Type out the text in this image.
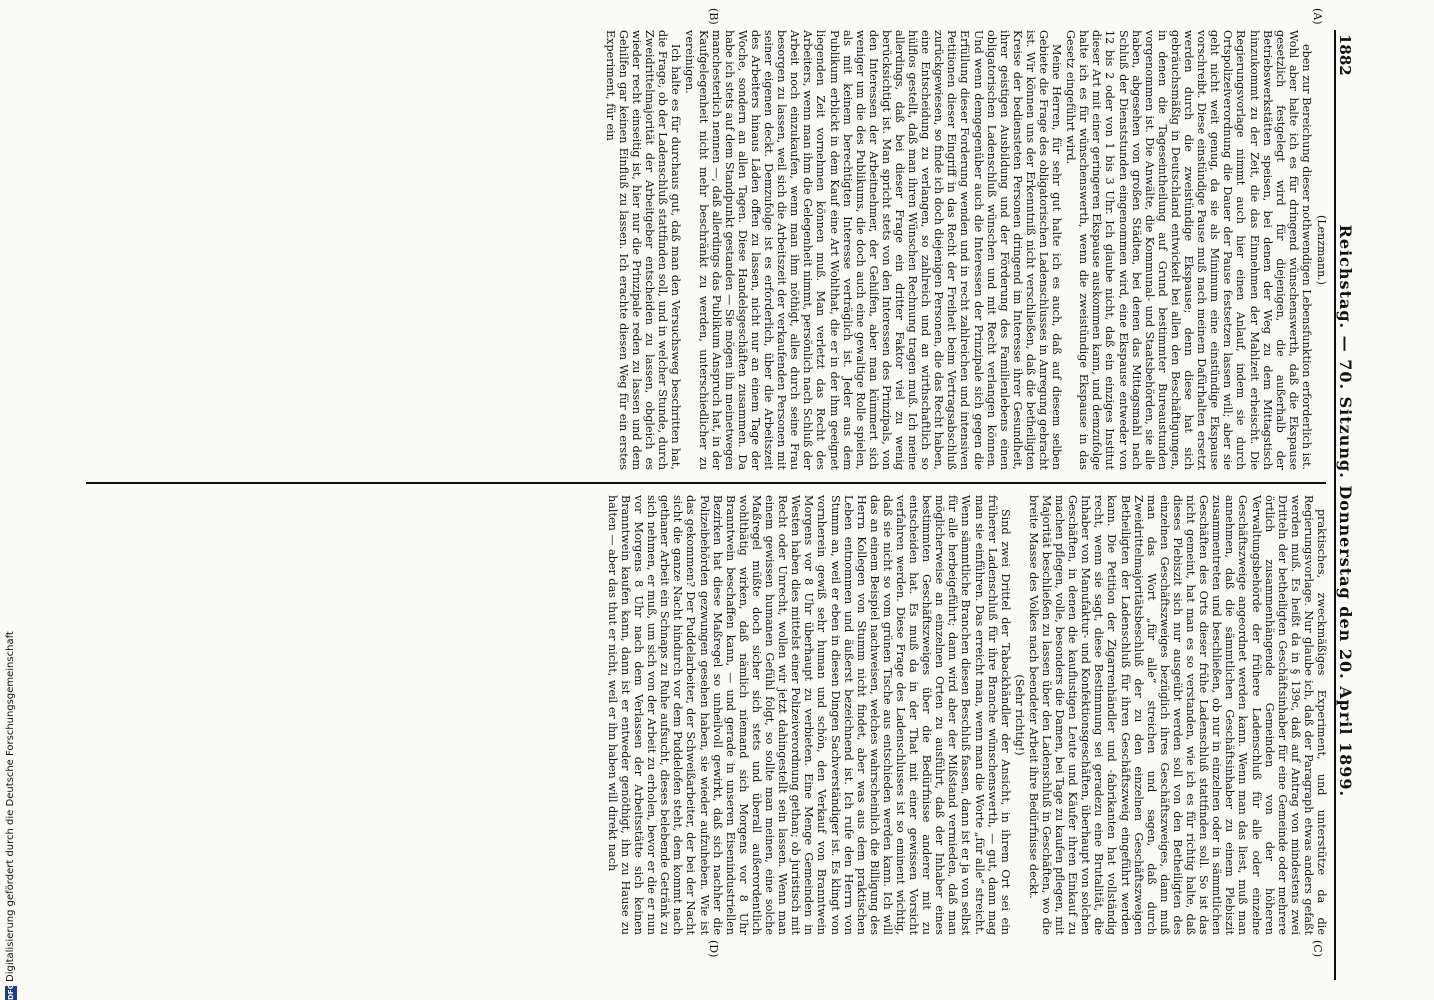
DFG
Digitalisierung gefördert durch die Deutsche Forschungsgemeinschaft
1882
Reichstag. — 70. Sitzung. Donnerstag den 20. April 1899.
(A)
(B)
(C)
(D)
(Lenzmann.)

eben zur Bereichung dieser nothwendigen Lebensfunktion erforderlich ist. Wohl aber halte ich es für dringend wünschenswerth, daß die Ekspause gesetzlich festgelegt wird für diejenigen, die außerhalb der Betriebswerkstätten speisen, bei denen der Weg zu dem Mittagstisch hinzukommt zu der Zeit, die das Einnehmen der Mahlzeit erheischt. Die Regierungsvorlage nimmt auch hier einen Anlauf, indem sie durch Ortspolizeiverordnung die Dauer der Pause festsetzen lassen will; aber sie geht nicht weit genug, da sie als Minimum eine einstündige Ekspause vorschreibt. Diese einstündige Pause muß nach meinem Dafürhalten ersetzt werden durch die zweistündige Ekspause; denn diese hat sich gebräuchsmäßig in Deutschland entwickelt bei allen den Beschäftigungen, in denen die Tageseintheilung auf Grund bestimmter Bureaustunden vorgenommen ist. Die Anwälte, die Kommunal- und Staatsbehörden, sie alle haben, abgesehen von großen Städten, bei denen das Mittagsmahl nach Schluß der Dienststunden eingenommen wird, eine Ekspause entweder von 12 bis 2 oder von 1 bis 3 Uhr. Ich glaube nicht, daß ein einziges Institut dieser Art mit einer geringeren Ekspause auskommen kann, und demzufolge halte ich es für wünschenswerth, wenn die zweistündige Ekspause in das Gesetz eingeführt wird.

Meine Herren, für sehr gut halte ich es auch, daß auf diesem selben Gebiete die Frage des obligatorischen Ladenschlusses in Anregung gebracht ist. Wir können uns der Erkenntniß nicht verschließen, daß die betheiligten Kreise der bediensteten Personen dringend im Interesse ihrer Gesundheit, ihrer geistigen Ausbildung und der Förderung des Familienlebens einen obligatorischen Ladenschluß wünschen und mit Recht verlangen können. Und wenn demgegenüber auch die Interessen der Prinzipale sich gegen die Erfüllung dieser Forderung wenden und in recht zahlreichen und intensiven Petitionen dieser Eingriff in das Recht der Freiheit beim Vertragsabschluß zurückgewiesen, so finde ich doch diejenigen Personen, die das Recht haben, eine Entscheidung zu verlangen, so zahlreich und an wirthschaftlich so hülflos gestellt, daß man ihren Wünschen Rechnung tragen muß. Ich meine allerdings, daß bei dieser Frage ein dritter Faktor viel zu wenig berücksichtigt ist. Man spricht stets von den Interessen des Prinzipals, von den Interessen der Arbeitnehmer, der Gehilfen, aber man kümmert sich weniger um die des Publikums, die doch auch eine gewaltige Rolle spielen, als mit keinem berechtigten Interesse verträglich ist. Jeder aus dem Publikum erblickt in dem Kauf eine Art Wohlthat, die er in der ihm geeignet liegenden Zeit vornehmen können muß. Man verletzt das Recht des Arbeiters, wenn man ihm die Gelegenheit nimmt, persönlich nach Schluß der Arbeit noch einzukaufen, wenn man ihm nöthigt, alles durch seine Frau besorgen zu lassen, weil sich die Arbeitszeit der verkaufenden Personen mit seiner eigenen deckt. Demzufolge ist es erforderlich, über die Arbeitszeit des Arbeiters hinaus Läden offen zu lassen, nicht nur an einem Tage der Woche, sondern an allen Tagen. Diese Handelsgeschäften zusammen. Da habe ich stets auf dem Standpunkt gestanden — Sie mögen ihn meinetwegen manchesterlich nennen —, daß allerdings das Publikum Anspruch hat, in der Kaufgelegenheit nicht mehr beschränkt zu werden, unterschiedlicher zu vereinigen.

Ich halte es für durchaus gut, daß man den Versuchsweg beschritten hat, die Frage, ob der Ladenschluß stattfinden soll, und in welcher Stunde, durch Zweidrittelmajorität der Arbeitgeber entscheiden zu lassen, obgleich es wieder recht einseitig ist, hier nur die Prinzipale reden zu lassen und dem Gehilfen gar keinen Einfluß zu lassen. Ich erachte diesen Weg für ein erstes Experiment, für ein

praktisches, zweckmäßiges Experiment, und unterstütze da die Regierungsvorlage. Nur glaube ich, daß der Paragraph etwas anders gefaßt werden muß. Es heißt da in § 139c, daß auf Antrag von mindestens zwei Dritteln der betheiligten Geschäftsinhaber für eine Gemeinde oder mehrere örtlich zusammenhängende Gemeinden von der höheren Verwaltungsbehörde der frühere Ladenschluß für alle oder einzelne Geschäftszweige angeordnet werden kann. Wenn man das liest, muß man annehmen, daß die sämmtlichen Geschäftsinhaber zu einem Plebiszit zusammentreten und beschließen, ob nur in einzelnen oder in sämmtlichen Geschäften des Orts dieser frühe Ladenschluß stattfinden soll. So ist das nicht gemeint, hat man es so verstanden, wie ich es für richtig halte, daß dieses Plebiszit sich nur ausgeübt werden soll von den Betheiligten des einzelnen Geschäftszweiges bezüglich ihres Geschäftszweiges, dann muß man das Wort „für alle“ streichen und sagen, daß durch Zweidrittelmajoritätsbeschluß der zu den einzelnen Geschäftszweigen Betheiligten der Ladenschluß für ihren Geschäftszweig eingeführt werden kann. Die Petition der Zigarrenhändler und -fabrikanten hat vollständig recht, wenn sie sagt, diese Bestimmung sei geradezu eine Brutalität, die Inhaber von Manufaktur- und Konfektionsgeschäften, überhaupt von solchen Geschäften, in denen die kauflustigen Leute und Käufer ihren Einkauf zu machen pflegen, volle, besonders die Damen, bei Tage zu kaufen pflegen, mit Majorität beschließen zu lassen über den Ladenschluß in Geschäften, wo die breite Masse des Volkes nach beendeter Arbeit ihre Bedürfnisse deckt.

(Sehr richtig!)

Sind zwei Drittel der Tabackhändler der Ansicht, in ihrem Ort sei ein früherer Ladenschluß für ihre Branche wünschenswerth, — gut, dann mag man sie einführen. Das erreicht man, wenn man die Worte „für alle“ streicht. Wenn sämmtliche Branchen diesen Beschluß fassen, dann ist er ja von selbst für alle herbeigeführt; dann wird aber der Mißstand vermieden, daß man möglicherweise an einzelnen Orten zu ausführt, daß der Inhaber eines bestimmten Geschäftszweiges über die Bedürfnisse anderer mit zu entscheiden hat. Es muß da in der That mit einer gewissen Vorsicht verfahren werden. Diese Frage des Ladenschlusses ist so eminent wichtig, daß sie nicht so vom grünen Tische aus entschieden werden kann. Ich will das an einem Beispiel nachweisen, welches wahrscheinlich die Billigung des Herrn Kollegen von Stumm nicht findet, aber was aus dem praktischen Leben entnommen und äußerst bezeichnend ist. Ich rufe den Herrn von Stumm an, weil er eben in diesen Dingen Sachverständiger ist. Es klingt von vornherein gewiß sehr human und schön, den Verkauf von Branntwein Morgens vor 8 Uhr überhaupt zu verbieten. Eine Menge Gemeinden in Westen haben dies mittelst einer Polizeiverordnung gethan; ob juristisch mit Recht oder Unrecht, wollen wir jetzt dahingestellt sein lassen. Wenn man einem gewissen humanen Gefühl folgt, so sollte man meinen, eine solche Maßregel müßte doch sicher sich stets und überall außerordentlich wohlthätig wirken, daß nämlich niemand sich Morgens vor 8 Uhr Branntwein beschaffen kann, — und gerade in unseren Eisenindustriellen Bezirken hat diese Maßregel so unheilvoll gewirkt, daß sich nachher die Polizeibehörden gezwungen gesehen haben, sie wieder aufzuheben. Wie ist das gekommen? Der Puddelarbeiter, der Schweißarbeiter, der bei der Nacht sicht die ganze Nacht hindurch vor dem Puddelofen steht, dem kommt nach gethaner Arbeit ein Schnaps zu Ruhe aufsucht, dieses belebende Getränk zu sich nehmen, er muß, um sich von der Arbeit zu erholen, bevor er die er nun vor Morgens 8 Uhr nach dem Verlassen der Arbeitsstätte sich keinen Branntwein kaufen kann, dann ist er entweder genöthigt, ihn zu Hause zu halten — aber das thut er nicht, weil er ihn haben will direkt nach
